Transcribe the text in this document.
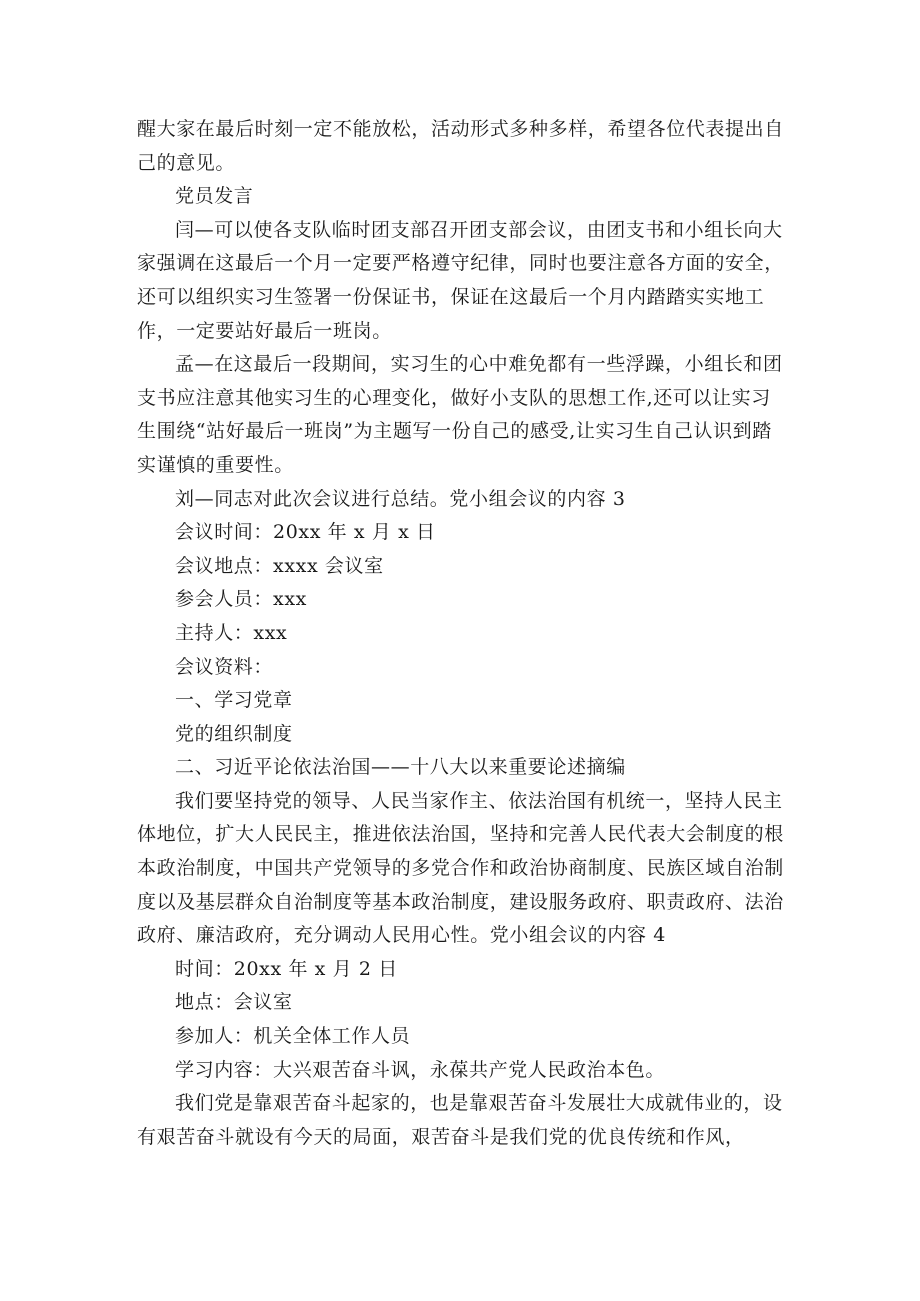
醒大家在最后时刻一定不能放松，活动形式多种多样，希望各位代表提出自己的意见。

党员发言

闫—可以使各支队临时团支部召开团支部会议，由团支书和小组长向大家强调在这最后一个月一定要严格遵守纪律，同时也要注意各方面的安全，还可以组织实习生签署一份保证书，保证在这最后一个月内踏踏实实地工作，一定要站好最后一班岗。

孟—在这最后一段期间，实习生的心中难免都有一些浮躁，小组长和团支书应注意其他实习生的心理变化，做好小支队的思想工作,还可以让实习生围绕“站好最后一班岗”为主题写一份自己的感受,让实习生自己认识到踏实谨慎的重要性。

刘—同志对此次会议进行总结。党小组会议的内容 3

会议时间：20xx 年 x 月 x 日

会议地点：xxxx 会议室

参会人员：xxx

主持人：xxx

会议资料：

一、学习党章

党的组织制度

二、习近平论依法治国——十八大以来重要论述摘编

我们要坚持党的领导、人民当家作主、依法治国有机统一，坚持人民主体地位，扩大人民民主，推进依法治国，坚持和完善人民代表大会制度的根本政治制度，中国共产党领导的多党合作和政治协商制度、民族区域自治制度以及基层群众自治制度等基本政治制度，建设服务政府、职责政府、法治政府、廉洁政府，充分调动人民用心性。党小组会议的内容 4

时间：20xx 年 x 月 2 日

地点：会议室

参加人：机关全体工作人员

学习内容：大兴艰苦奋斗讽，永葆共产党人民政治本色。

我们党是靠艰苦奋斗起家的，也是靠艰苦奋斗发展壮大成就伟业的，设有艰苦奋斗就设有今天的局面，艰苦奋斗是我们党的优良传统和作风，
